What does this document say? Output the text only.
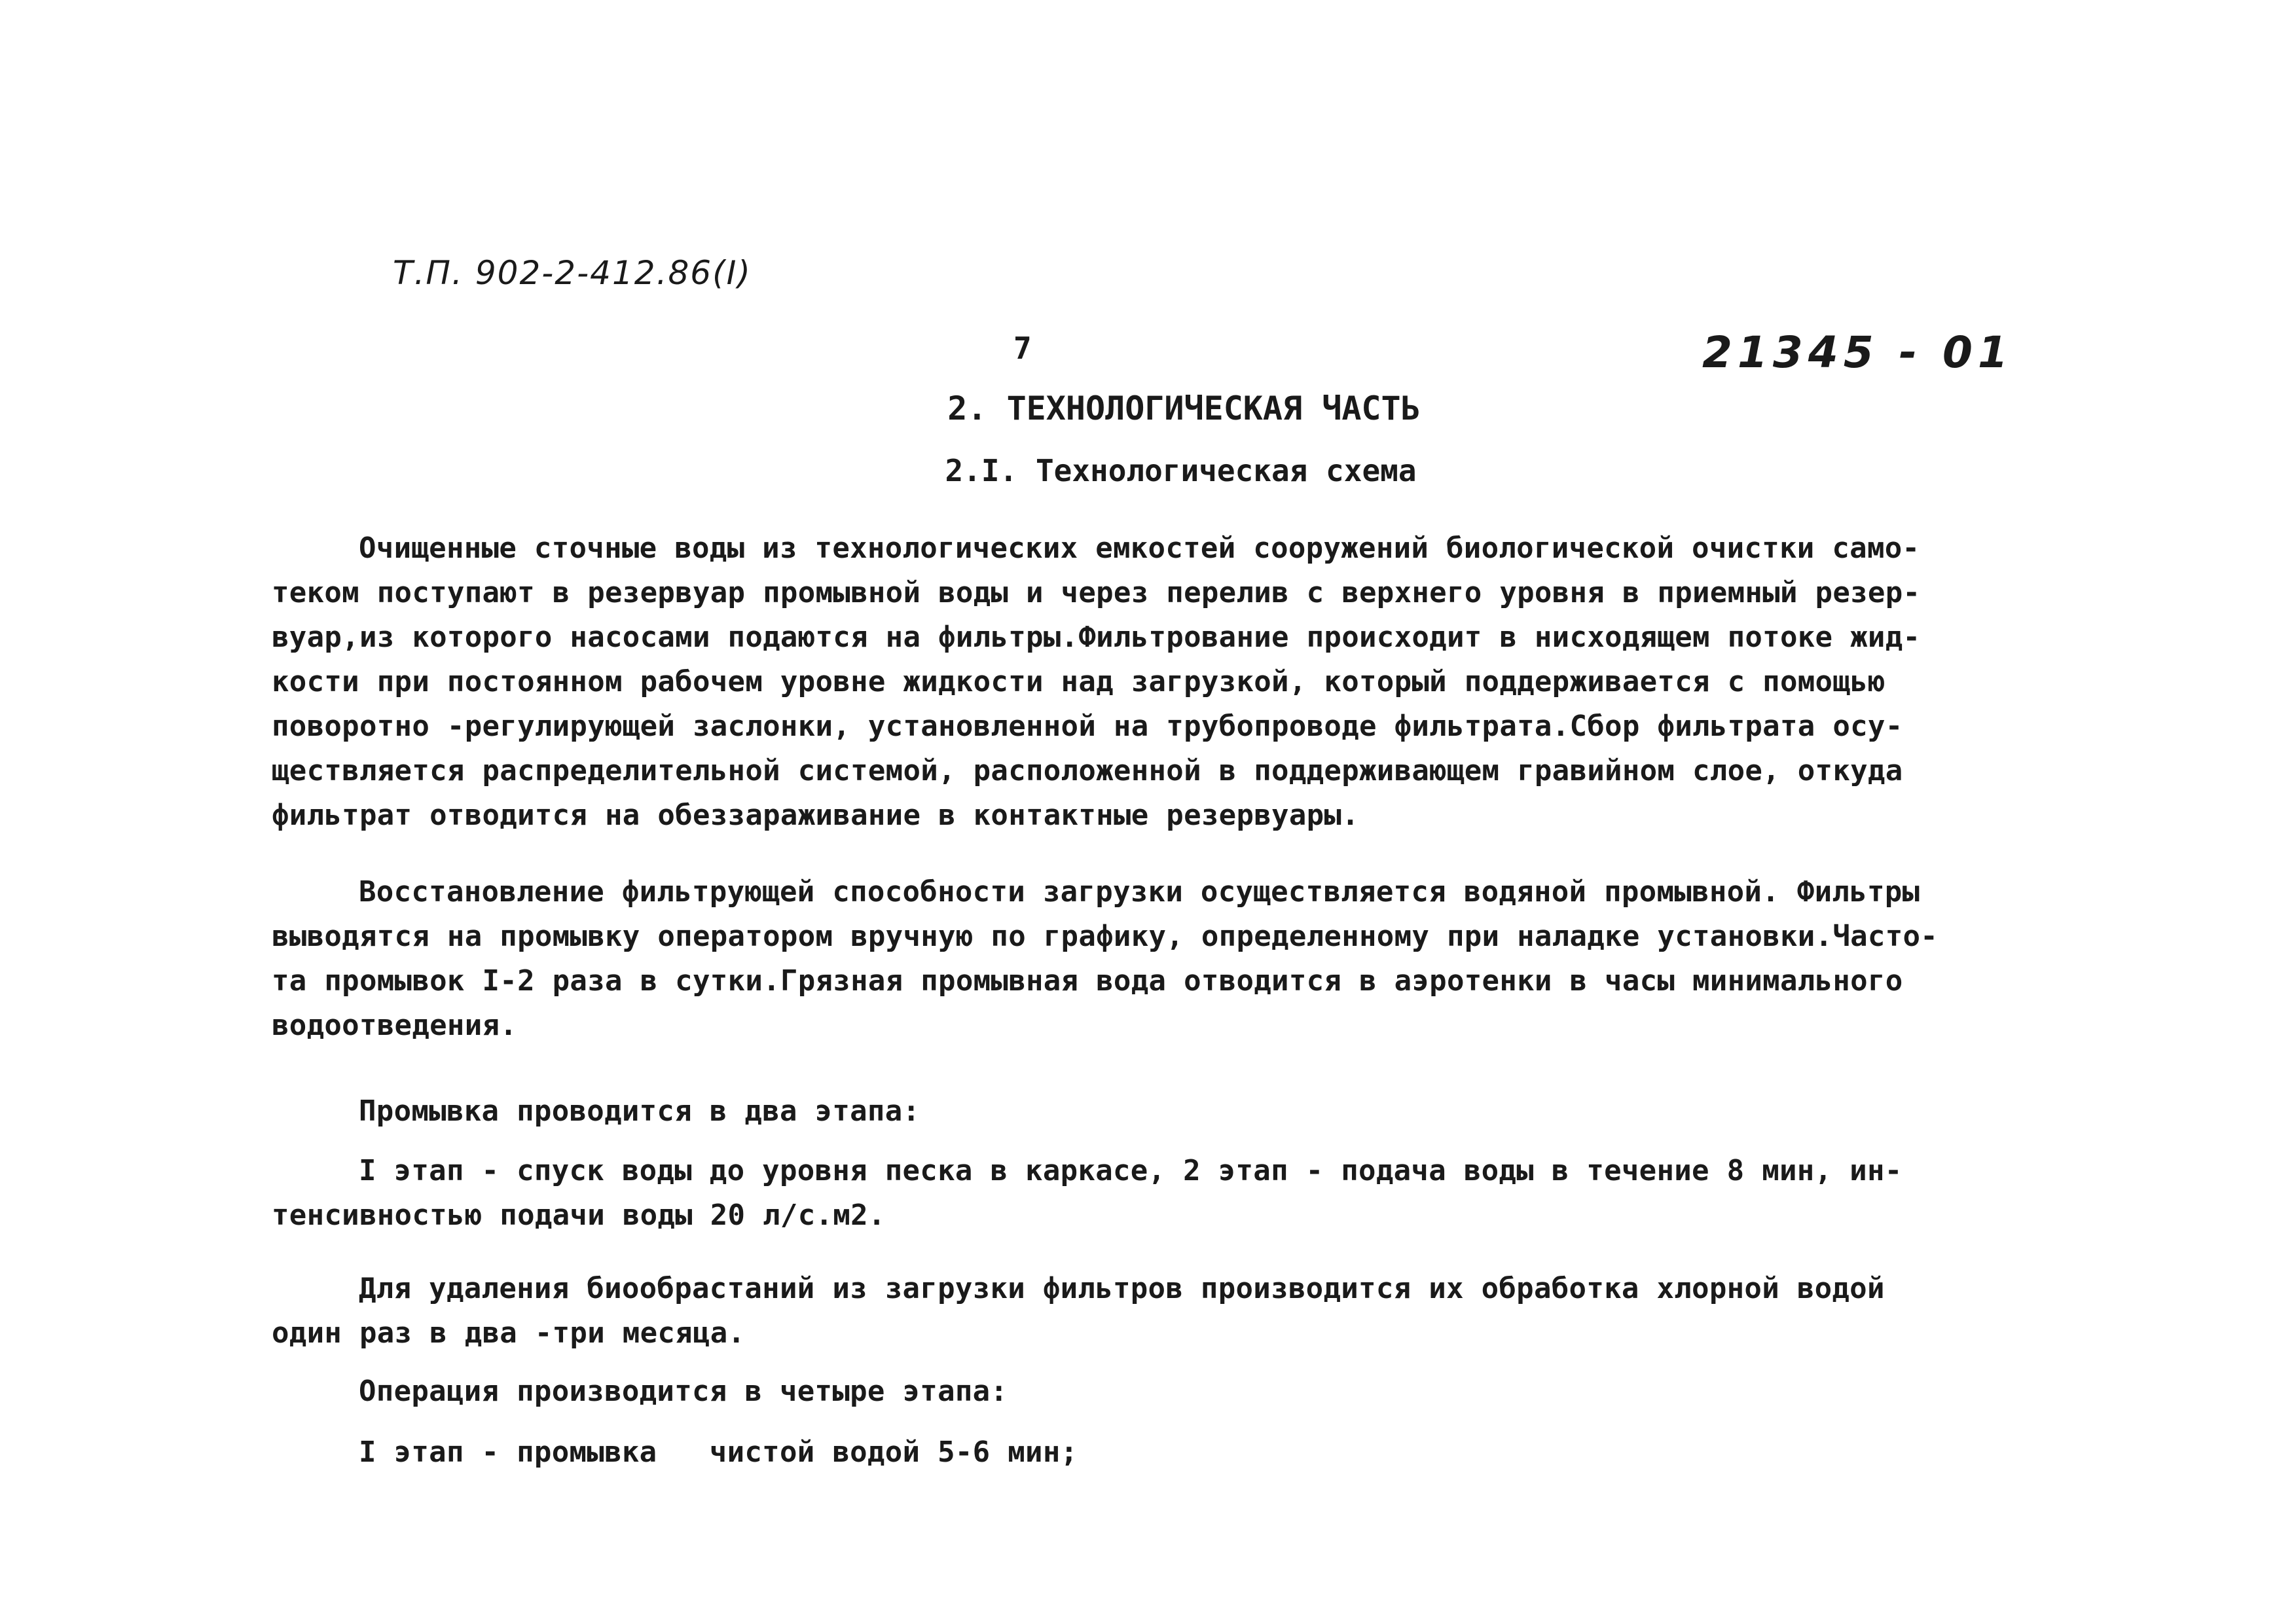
Т.П. 902-2-412.86(І)
7	21345 - 01
2. ТЕХНОЛОГИЧЕСКАЯ ЧАСТЬ
2.I. Технологическая схема
Очищенные сточные воды из технологических емкостей сооружений биологической очистки само-
теком поступают в резервуар промывной воды и через перелив с верхнего уровня в приемный резер-
вуар,из которого насосами подаются на фильтры.Фильтрование происходит в нисходящем потоке жид-
кости при постоянном рабочем уровне жидкости над загрузкой, который поддерживается с помощью
поворотно -регулирующей заслонки, установленной на трубопроводе фильтрата.Сбор фильтрата осу-
ществляется распределительной системой, расположенной в поддерживающем гравийном слое, откуда
фильтрат отводится на обеззараживание в контактные резервуары.
Восстановление фильтрующей способности загрузки осуществляется водяной промывной. Фильтры
выводятся на промывку оператором вручную по графику, определенному при наладке установки.Часто-
та промывок I-2 раза в сутки.Грязная промывная вода отводится в аэротенки в часы минимального
водоотведения.
Промывка проводится в два этапа:
I этап - спуск воды до уровня песка в каркасе, 2 этап - подача воды в течение 8 мин, ин-
тенсивностью подачи воды 20 л/с.м2.
Для удаления биообрастаний из загрузки фильтров производится их обработка хлорной водой
один раз в два -три месяца.
Операция производится в четыре этапа:
I этап - промывка   чистой водой 5-6 мин;
